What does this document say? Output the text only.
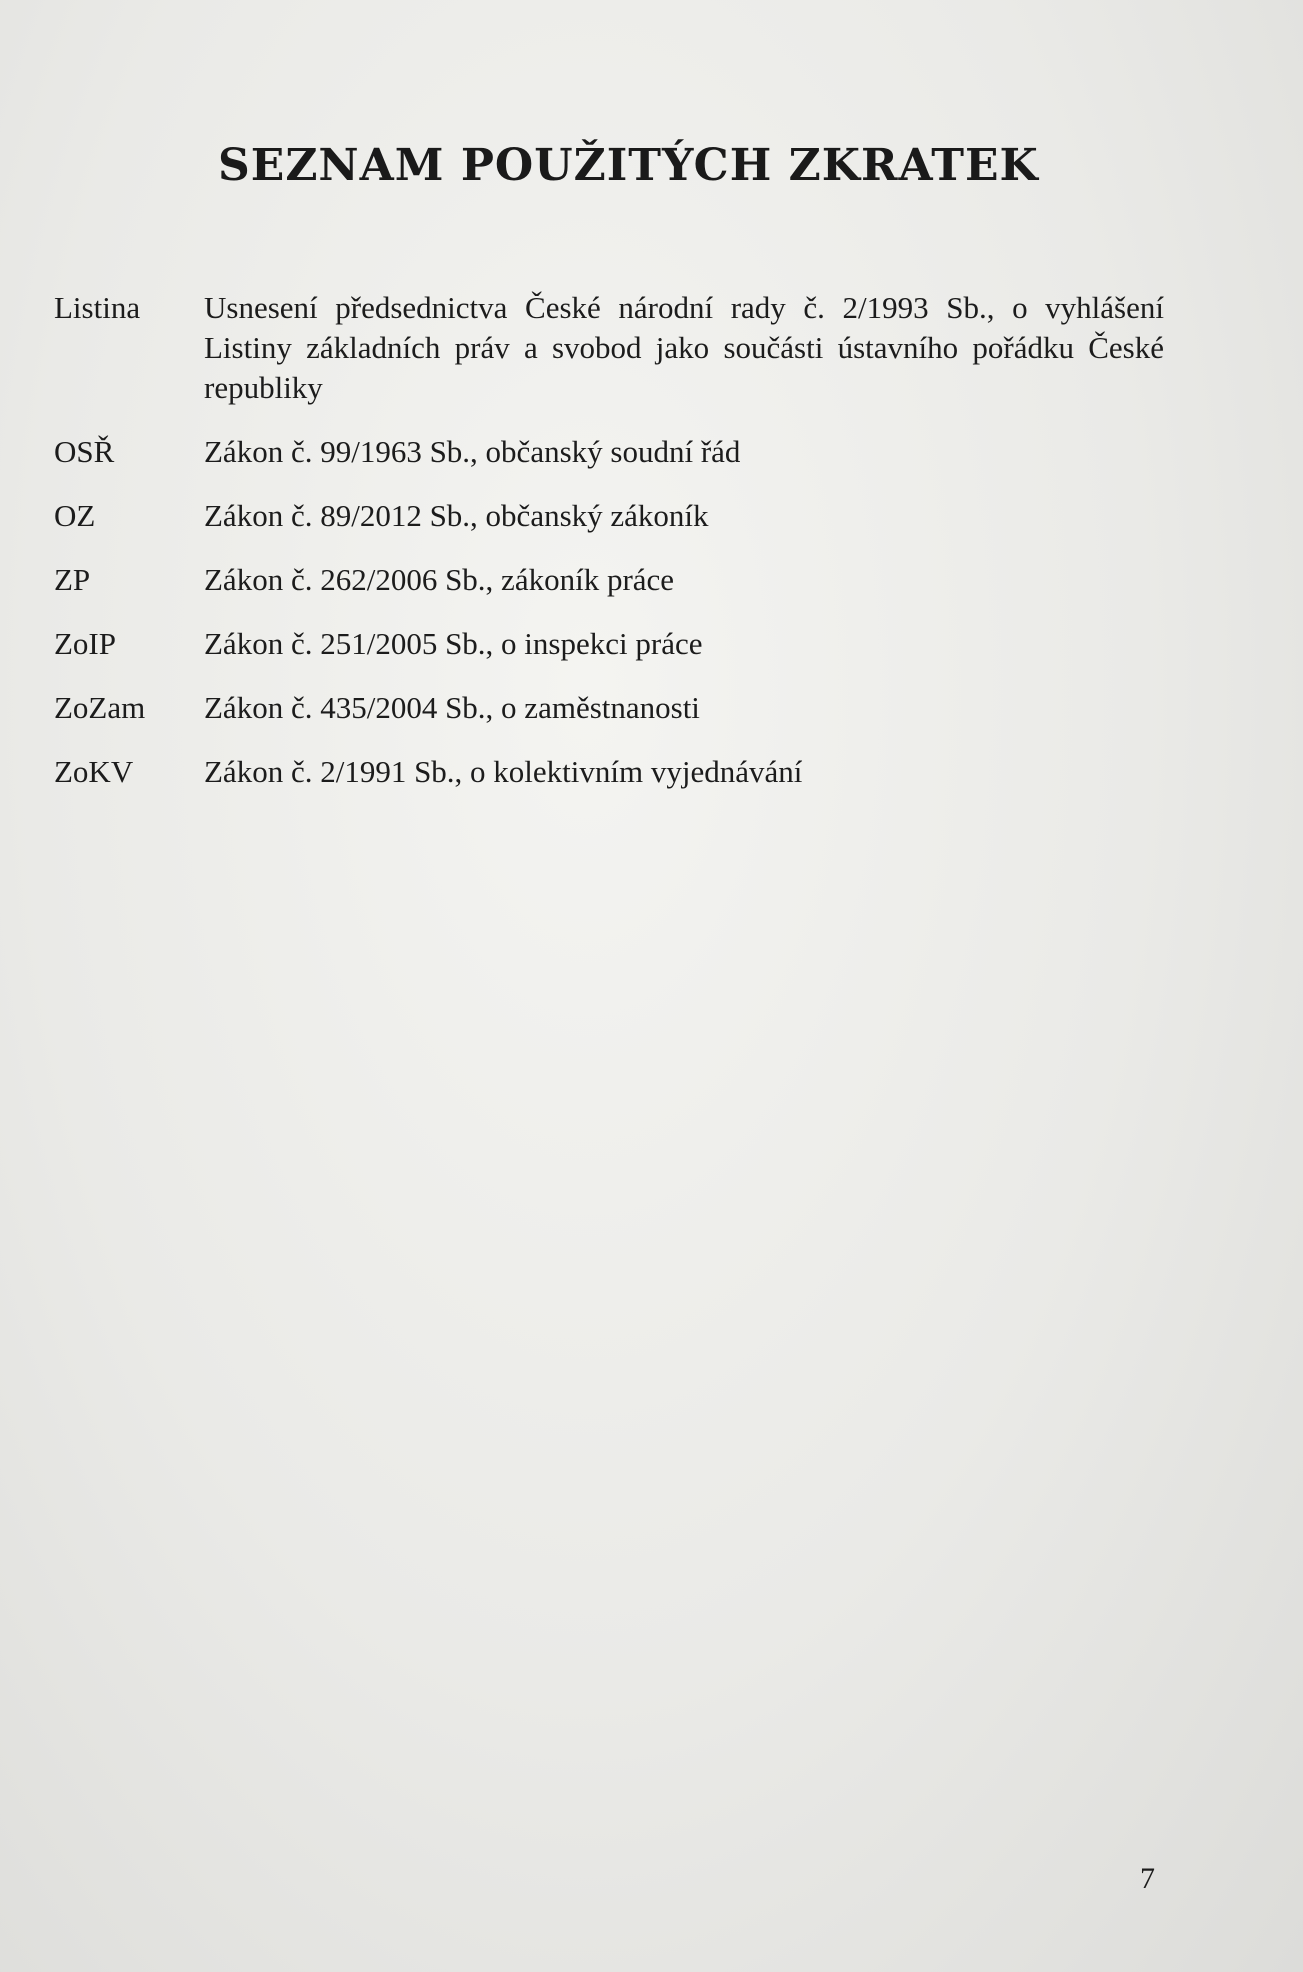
SEZNAM POUŽITÝCH ZKRATEK
Listina	Usnesení předsednictva České národní rady č. 2/1993 Sb., o vyhlášení Listiny základních práv a svobod jako součásti ústavního pořádku České republiky
OSŘ	Zákon č. 99/1963 Sb., občanský soudní řád
OZ	Zákon č. 89/2012 Sb., občanský zákoník
ZP	Zákon č. 262/2006 Sb., zákoník práce
ZoIP	Zákon č. 251/2005 Sb., o inspekci práce
ZoZam	Zákon č. 435/2004 Sb., o zaměstnanosti
ZoKV	Zákon č. 2/1991 Sb., o kolektivním vyjednávání
7
